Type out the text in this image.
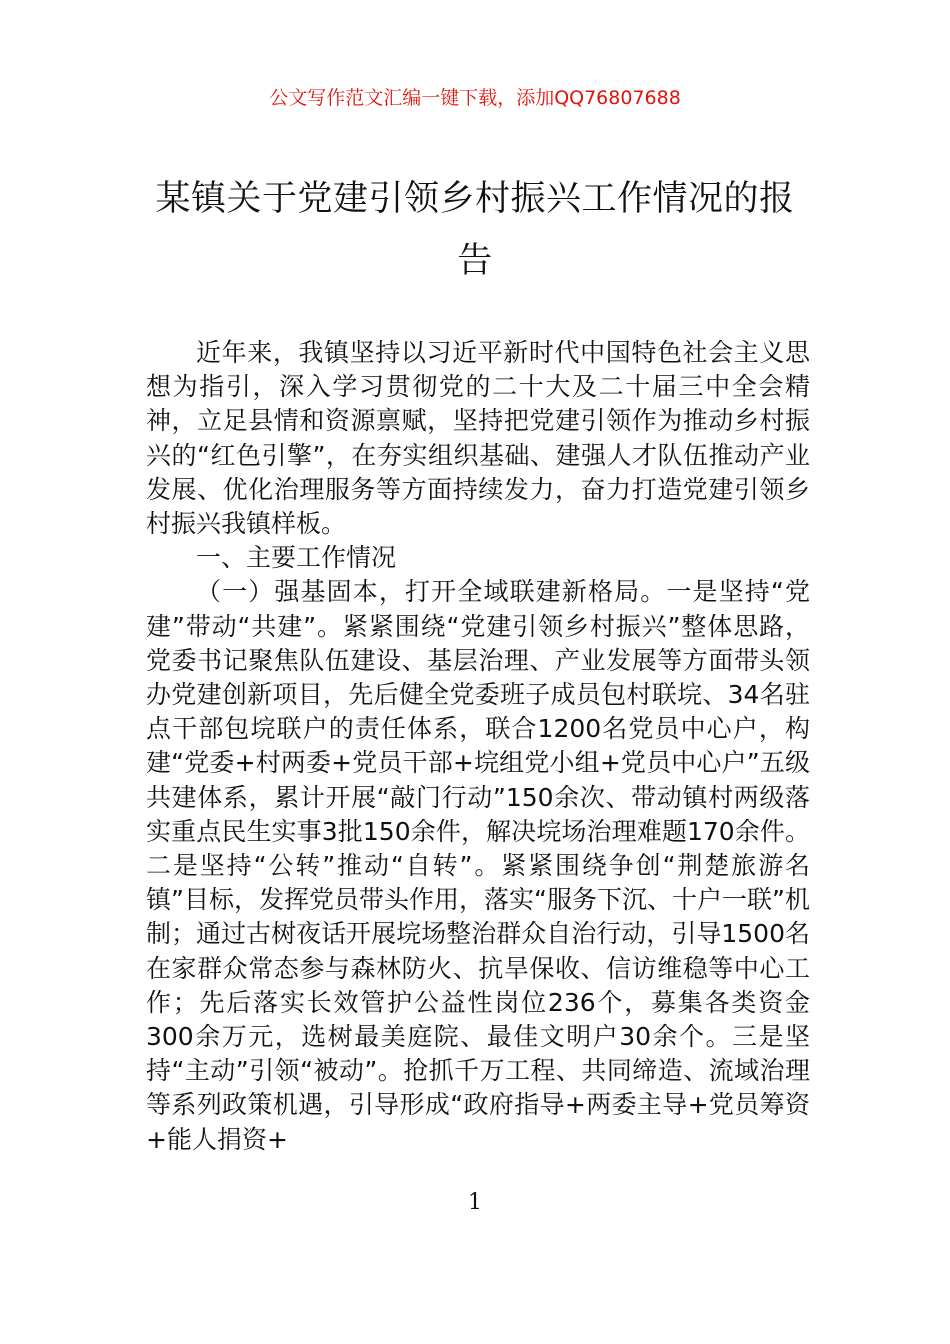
公文写作范文汇编一键下载，添加QQ76807688
某镇关于党建引领乡村振兴工作情况的报告

近年来，我镇坚持以习近平新时代中国特色社会主义思想为指引，深入学习贯彻党的二十大及二十届三中全会精神，立足县情和资源禀赋，坚持把党建引领作为推动乡村振兴的“红色引擎”，在夯实组织基础、建强人才队伍推动产业发展、优化治理服务等方面持续发力，奋力打造党建引领乡村振兴我镇样板。

一、主要工作情况

（一）强基固本，打开全域联建新格局。一是坚持“党建”带动“共建”。紧紧围绕“党建引领乡村振兴”整体思路，党委书记聚焦队伍建设、基层治理、产业发展等方面带头领办党建创新项目，先后健全党委班子成员包村联垸、34名驻点干部包垸联户的责任体系，联合1200名党员中心户，构建“党委+村两委+党员干部+垸组党小组+党员中心户”五级共建体系，累计开展“敲门行动”150余次、带动镇村两级落实重点民生实事3批150余件，解决垸场治理难题170余件。二是坚持“公转”推动“自转”。紧紧围绕争创“荆楚旅游名镇”目标，发挥党员带头作用，落实“服务下沉、十户一联”机制；通过古树夜话开展垸场整治群众自治行动，引导1500名在家群众常态参与森林防火、抗旱保收、信访维稳等中心工作；先后落实长效管护公益性岗位236个，募集各类资金300余万元，选树最美庭院、最佳文明户30余个。三是坚持“主动”引领“被动”。抢抓千万工程、共同缔造、流域治理等系列政策机遇，引导形成“政府指导+两委主导+党员筹资+能人捐资+

1
